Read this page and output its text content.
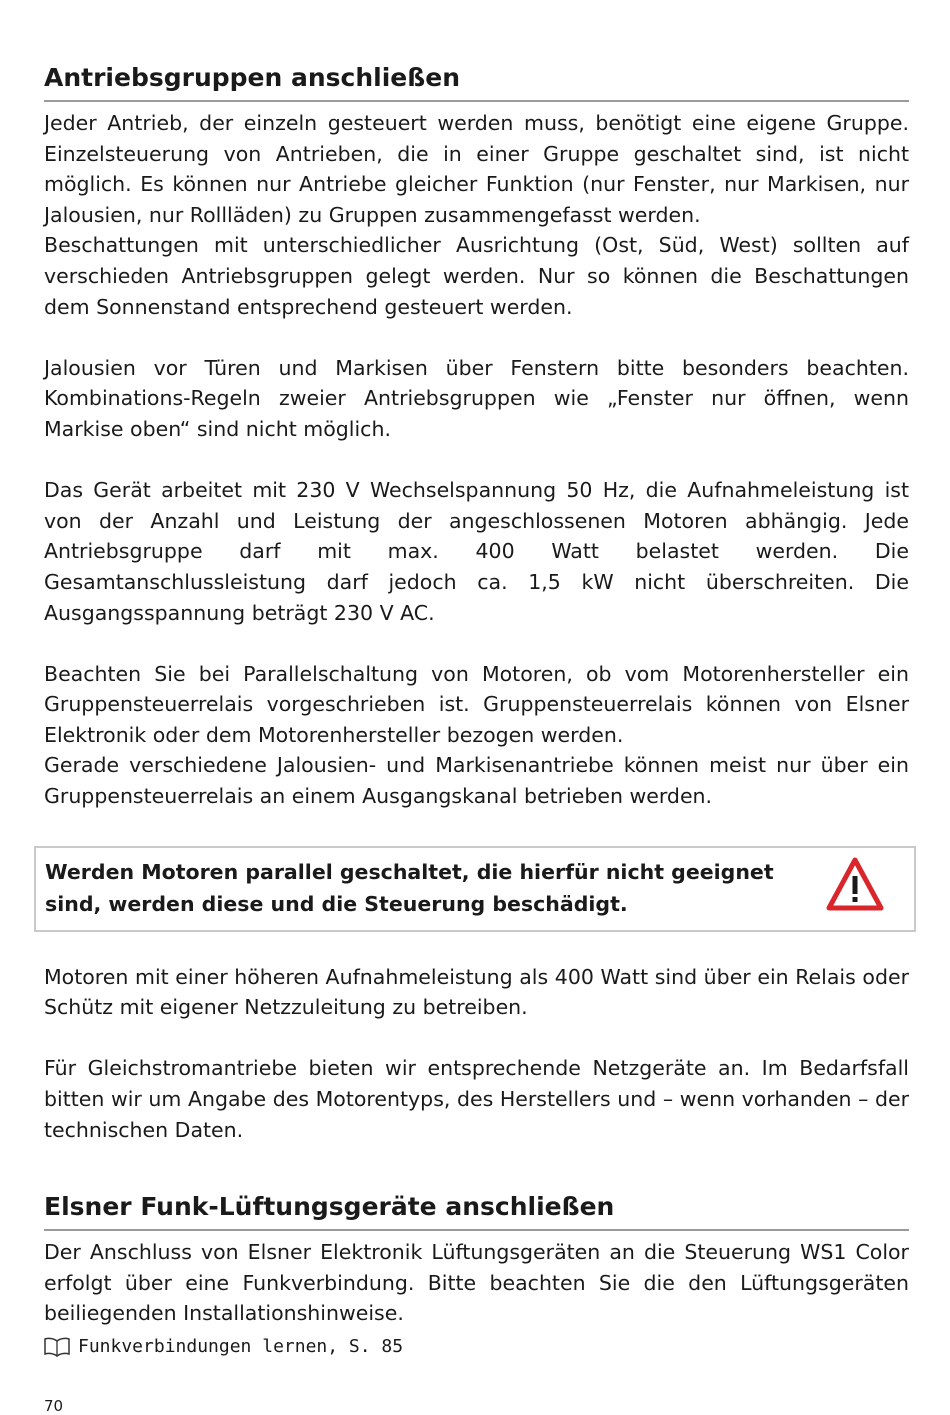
Antriebsgruppen anschließen

Jeder Antrieb, der einzeln gesteuert werden muss, benötigt eine eigene Gruppe. Einzelsteuerung von Antrieben, die in einer Gruppe geschaltet sind, ist nicht möglich. Es können nur Antriebe gleicher Funktion (nur Fenster, nur Markisen, nur Jalousien, nur Rollläden) zu Gruppen zusammengefasst werden.

Beschattungen mit unterschiedlicher Ausrichtung (Ost, Süd, West) sollten auf verschieden Antriebsgruppen gelegt werden. Nur so können die Beschattungen dem Sonnenstand entsprechend gesteuert werden.

Jalousien vor Türen und Markisen über Fenstern bitte besonders beachten. Kombinations-Regeln zweier Antriebsgruppen wie „Fenster nur öffnen, wenn Markise oben“ sind nicht möglich.

Das Gerät arbeitet mit 230 V Wechselspannung 50 Hz, die Aufnahmeleistung ist von der Anzahl und Leistung der angeschlossenen Motoren abhängig. Jede Antriebsgruppe darf mit max. 400 Watt belastet werden. Die Gesamtanschlussleistung darf jedoch ca. 1,5 kW nicht überschreiten. Die Ausgangsspannung beträgt 230 V AC.

Beachten Sie bei Parallelschaltung von Motoren, ob vom Motorenhersteller ein Gruppensteuerrelais vorgeschrieben ist. Gruppensteuerrelais können von Elsner Elektronik oder dem Motorenhersteller bezogen werden.

Gerade verschiedene Jalousien- und Markisenantriebe können meist nur über ein Gruppensteuerrelais an einem Ausgangskanal betrieben werden.

Werden Motoren parallel geschaltet, die hierfür nicht geeignet sind, werden diese und die Steuerung beschädigt.

Motoren mit einer höheren Aufnahmeleistung als 400 Watt sind über ein Relais oder Schütz mit eigener Netzzuleitung zu betreiben.

Für Gleichstromantriebe bieten wir entsprechende Netzgeräte an. Im Bedarfsfall bitten wir um Angabe des Motorentyps, des Herstellers und – wenn vorhanden – der technischen Daten.

Elsner Funk-Lüftungsgeräte anschließen

Der Anschluss von Elsner Elektronik Lüftungsgeräten an die Steuerung WS1 Color erfolgt über eine Funkverbindung. Bitte beachten Sie die den Lüftungsgeräten beiliegenden Installationshinweise.

Funkverbindungen lernen, S. 85
70
